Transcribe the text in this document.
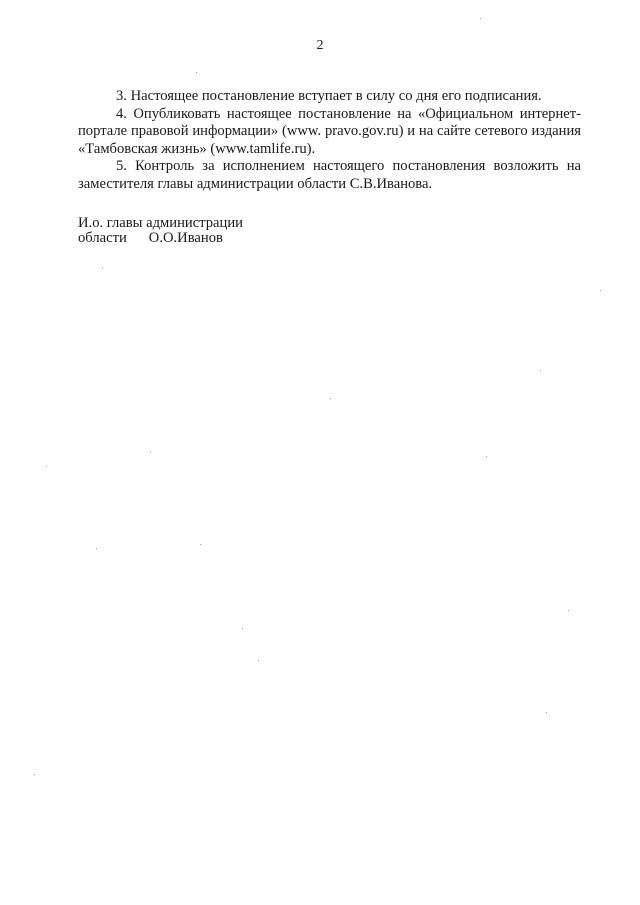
2

3. Настоящее постановление вступает в силу со дня его подписания.

4. Опубликовать настоящее постановление на «Официальном интернет-портале правовой информации» (www. pravo.gov.ru) и на сайте сетевого издания «Тамбовская жизнь» (www.tamlife.ru).

5. Контроль за исполнением настоящего постановления возложить на заместителя главы администрации области С.В.Иванова.

И.о. главы администрации

области О.О.Иванов
